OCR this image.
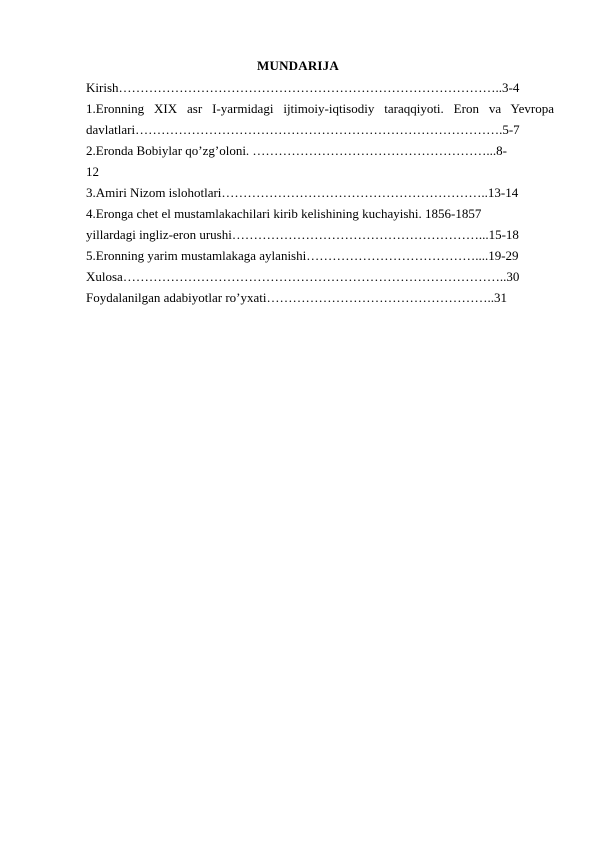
MUNDARIJA
Kirish……………………………………………………………………………..3-4
1.Eronning XIX asr I-yarmidagi ijtimoiy-iqtisodiy taraqqiyoti. Eron va Yevropa
davlatlari………………………………………………………………………….5-7
2.Eronda Bobiylar qo’zg’oloni. ………………………………………………...8-
12
3.Amiri Nizom islohotlari……………………………………………………..13-14
4.Eronga chet el mustamlakachilari kirib kelishining kuchayishi. 1856-1857
yillardagi ingliz-eron urushi…………………………………………………...15-18
5.Eronning yarim mustamlakaga aylanishi…………………………………....19-29
Xulosa……………………………………………………………………………..30
Foydalanilgan adabiyotlar ro’yxati……………………………………………..31
